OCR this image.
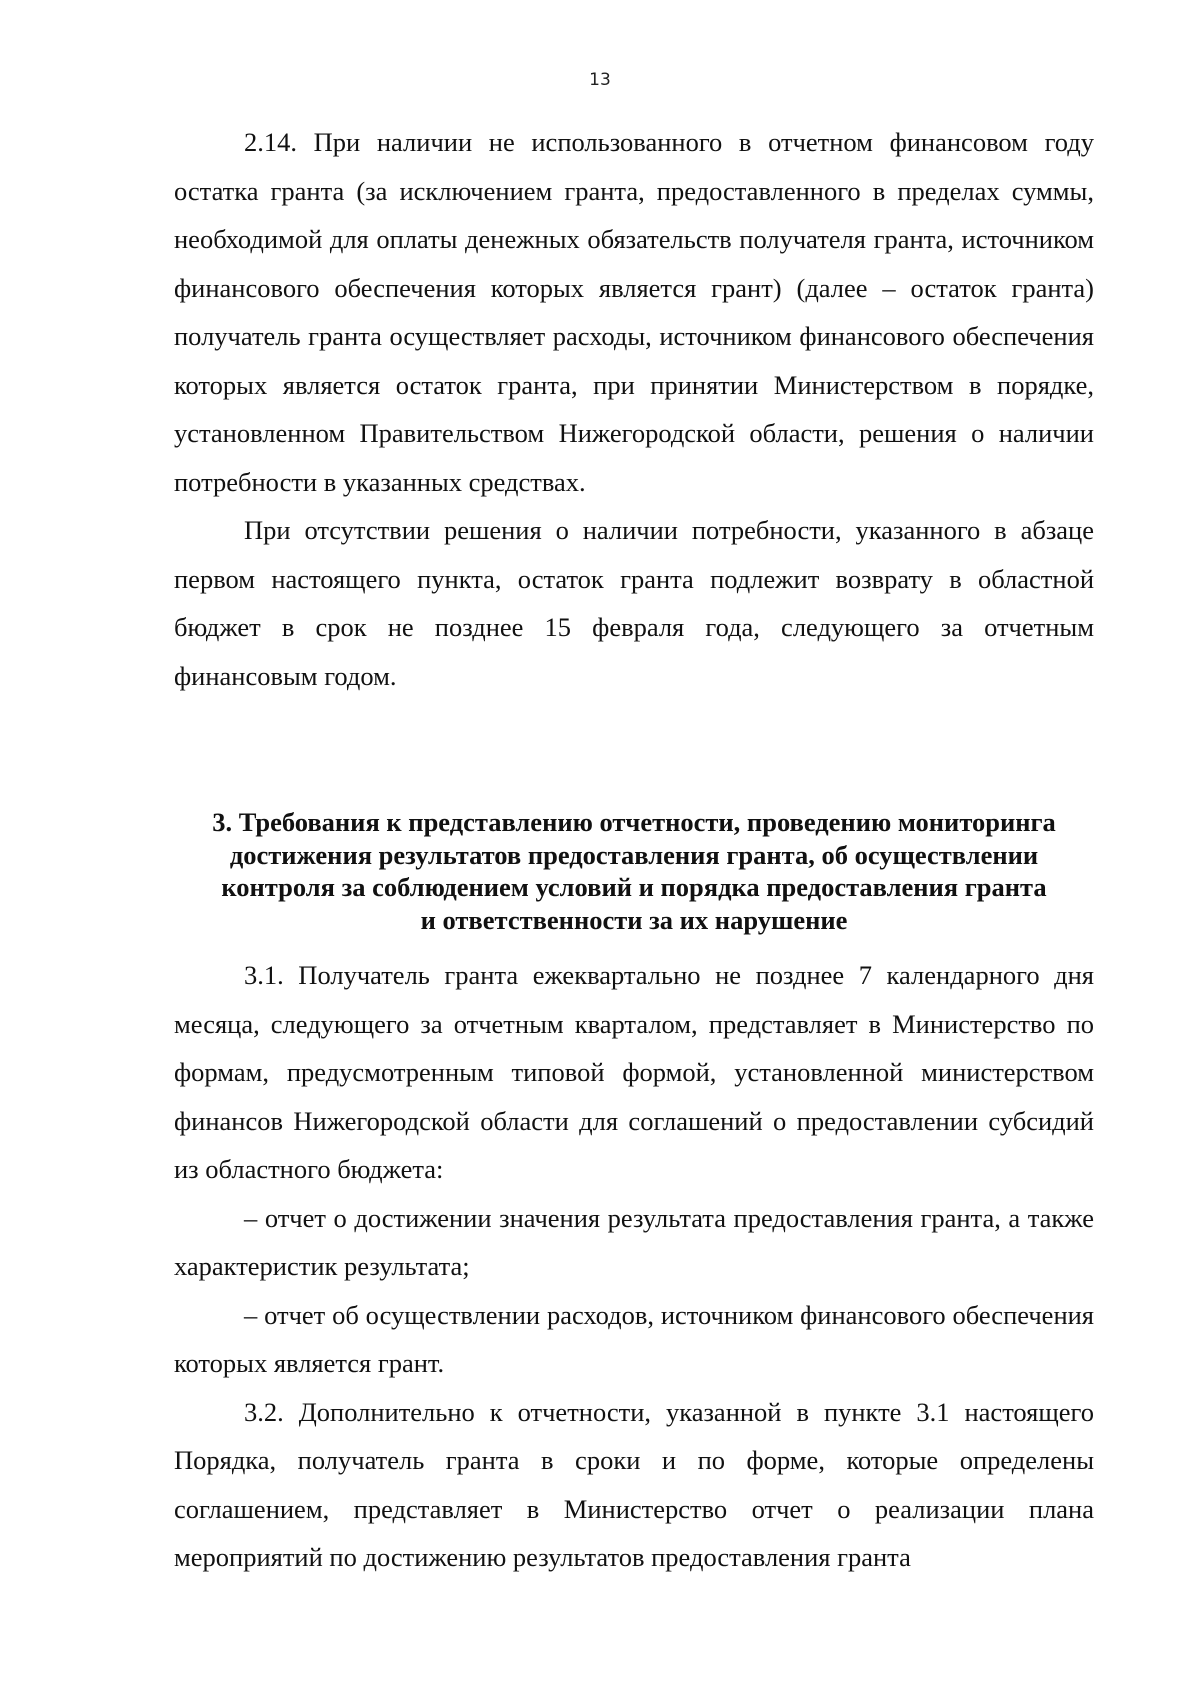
13

2.14. При наличии не использованного в отчетном финансовом году остатка гранта (за исключением гранта, предоставленного в пределах суммы, необходимой для оплаты денежных обязательств получателя гранта, источником финансового обеспечения которых является грант) (далее – остаток гранта) получатель гранта осуществляет расходы, источником финансового обеспечения которых является остаток гранта, при принятии Министерством в порядке, установленном Правительством Нижегородской области, решения о наличии потребности в указанных средствах.

При отсутствии решения о наличии потребности, указанного в абзаце первом настоящего пункта, остаток гранта подлежит возврату в областной бюджет в срок не позднее 15 февраля года, следующего за отчетным финансовым годом.

3. Требования к представлению отчетности, проведению мониторинга
достижения результатов предоставления гранта, об осуществлении
контроля за соблюдением условий и порядка предоставления гранта
и ответственности за их нарушение

3.1. Получатель гранта ежеквартально не позднее 7 календарного дня месяца, следующего за отчетным кварталом, представляет в Министерство по формам, предусмотренным типовой формой, установленной министерством финансов Нижегородской области для соглашений о предоставлении субсидий из областного бюджета:

– отчет о достижении значения результата предоставления гранта, а также характеристик результата;

– отчет об осуществлении расходов, источником финансового обеспечения которых является грант.

3.2. Дополнительно к отчетности, указанной в пункте 3.1 настоящего Порядка, получатель гранта в сроки и по форме, которые определены соглашением, представляет в Министерство отчет о реализации плана мероприятий по достижению результатов предоставления гранта
